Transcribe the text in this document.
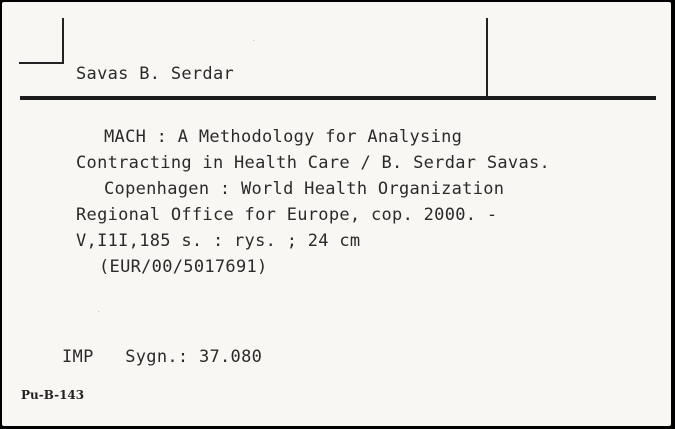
Savas B. Serdar
MACH : A Methodology for Analysing
Contracting in Health Care / B. Serdar Savas.
Copenhagen : World Health Organization
Regional Office for Europe, cop. 2000. -
V,I1I,185 s. : rys. ; 24 cm
(EUR/00/5017691)
IMP   Sygn.: 37.080
Pu-B-143
·
·
